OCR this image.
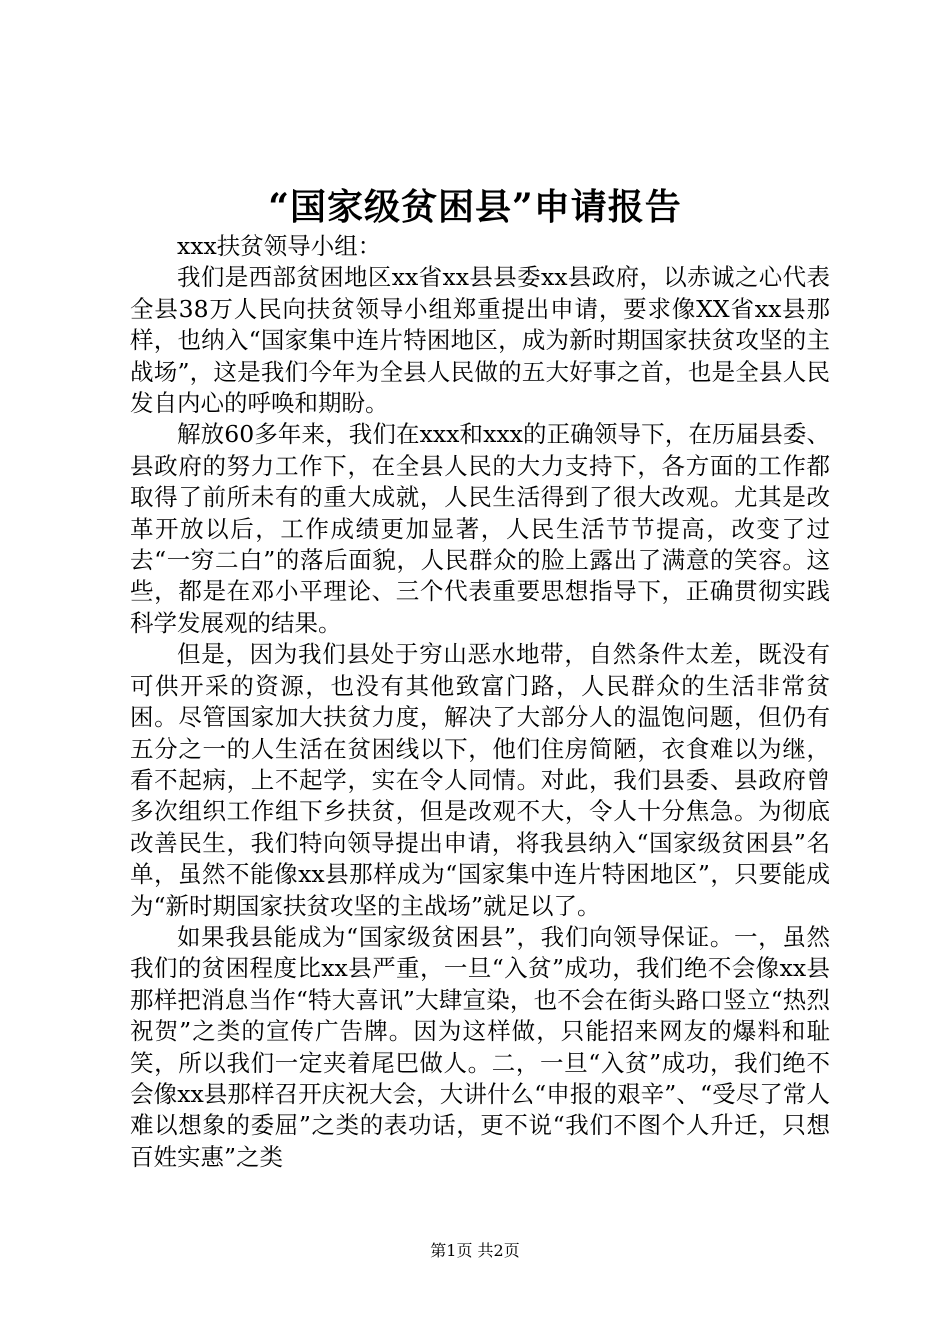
“国家级贫困县”申请报告

xxx扶贫领导小组：

我们是西部贫困地区xx省xx县县委xx县政府，以赤诚之心代表全县38万人民向扶贫领导小组郑重提出申请，要求像XX省xx县那样，也纳入“国家集中连片特困地区，成为新时期国家扶贫攻坚的主战场”，这是我们今年为全县人民做的五大好事之首，也是全县人民发自内心的呼唤和期盼。

解放60多年来，我们在xxx和xxx的正确领导下，在历届县委、县政府的努力工作下，在全县人民的大力支持下，各方面的工作都取得了前所未有的重大成就，人民生活得到了很大改观。尤其是改革开放以后，工作成绩更加显著，人民生活节节提高，改变了过去“一穷二白”的落后面貌，人民群众的脸上露出了满意的笑容。这些，都是在邓小平理论、三个代表重要思想指导下，正确贯彻实践科学发展观的结果。

但是，因为我们县处于穷山恶水地带，自然条件太差，既没有可供开采的资源，也没有其他致富门路，人民群众的生活非常贫困。尽管国家加大扶贫力度，解决了大部分人的温饱问题，但仍有五分之一的人生活在贫困线以下，他们住房简陋，衣食难以为继，看不起病，上不起学，实在令人同情。对此，我们县委、县政府曾多次组织工作组下乡扶贫，但是改观不大，令人十分焦急。为彻底改善民生，我们特向领导提出申请，将我县纳入“国家级贫困县”名单，虽然不能像xx县那样成为“国家集中连片特困地区”，只要能成为“新时期国家扶贫攻坚的主战场”就足以了。

如果我县能成为“国家级贫困县”，我们向领导保证。一，虽然我们的贫困程度比xx县严重，一旦“入贫”成功，我们绝不会像xx县那样把消息当作“特大喜讯”大肆宣染，也不会在街头路口竖立“热烈祝贺”之类的宣传广告牌。因为这样做，只能招来网友的爆料和耻笑，所以我们一定夹着尾巴做人。二，一旦“入贫”成功，我们绝不会像xx县那样召开庆祝大会，大讲什么“申报的艰辛”、“受尽了常人难以想象的委屈”之类的表功话，更不说“我们不图个人升迁，只想百姓实惠”之类

第1页 共2页
